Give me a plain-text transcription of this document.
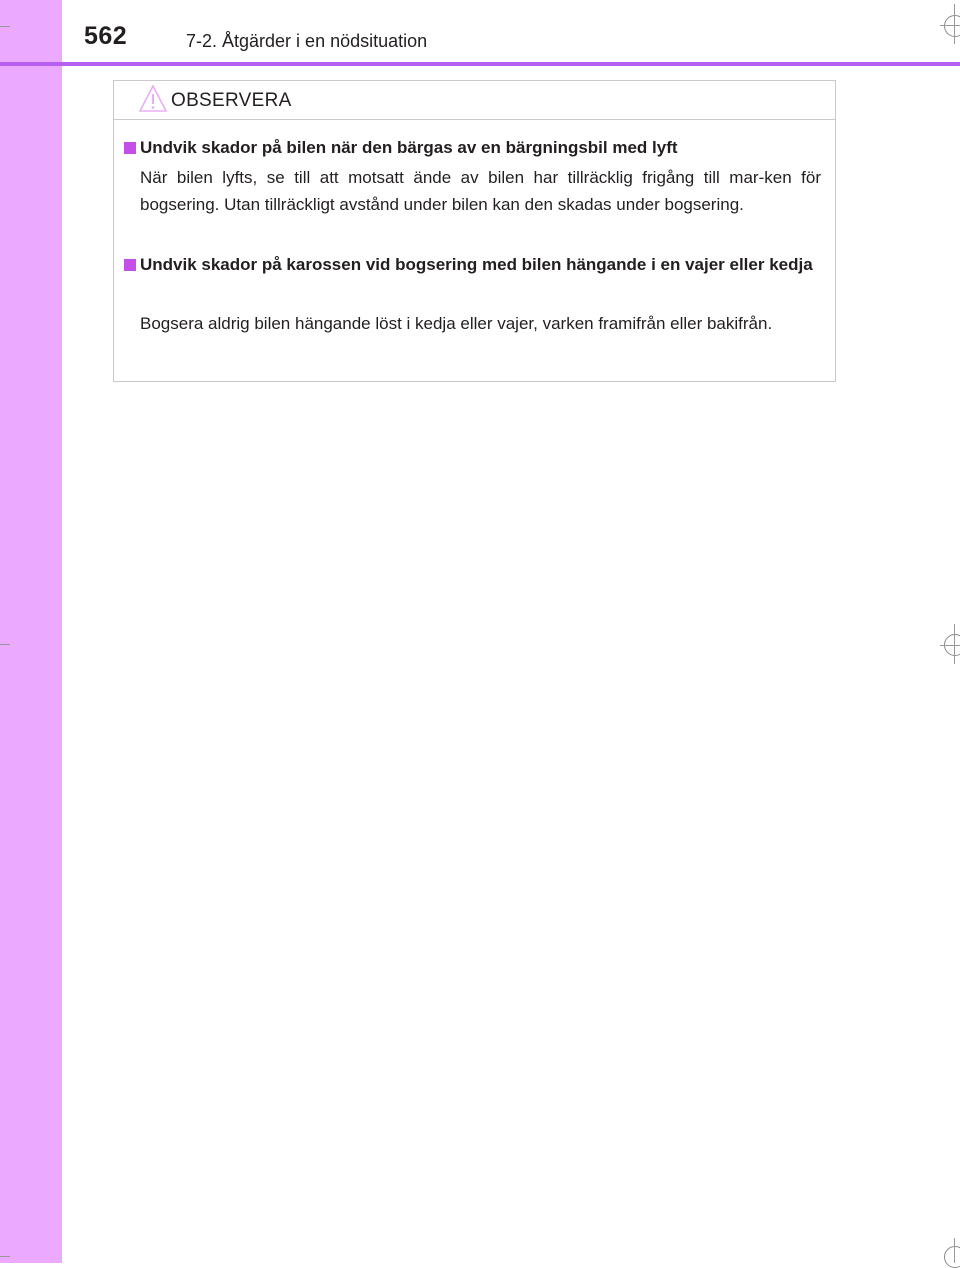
562	7-2. Åtgärder i en nödsituation
OBSERVERA
Undvik skador på bilen när den bärgas av en bärgningsbil med lyft
När bilen lyfts, se till att motsatt ände av bilen har tillräcklig frigång till mar-ken för bogsering. Utan tillräckligt avstånd under bilen kan den skadas under bogsering.
Undvik skador på karossen vid bogsering med bilen hängande i en vajer eller kedja
Bogsera aldrig bilen hängande löst i kedja eller vajer, varken framifrån eller bakifrån.
